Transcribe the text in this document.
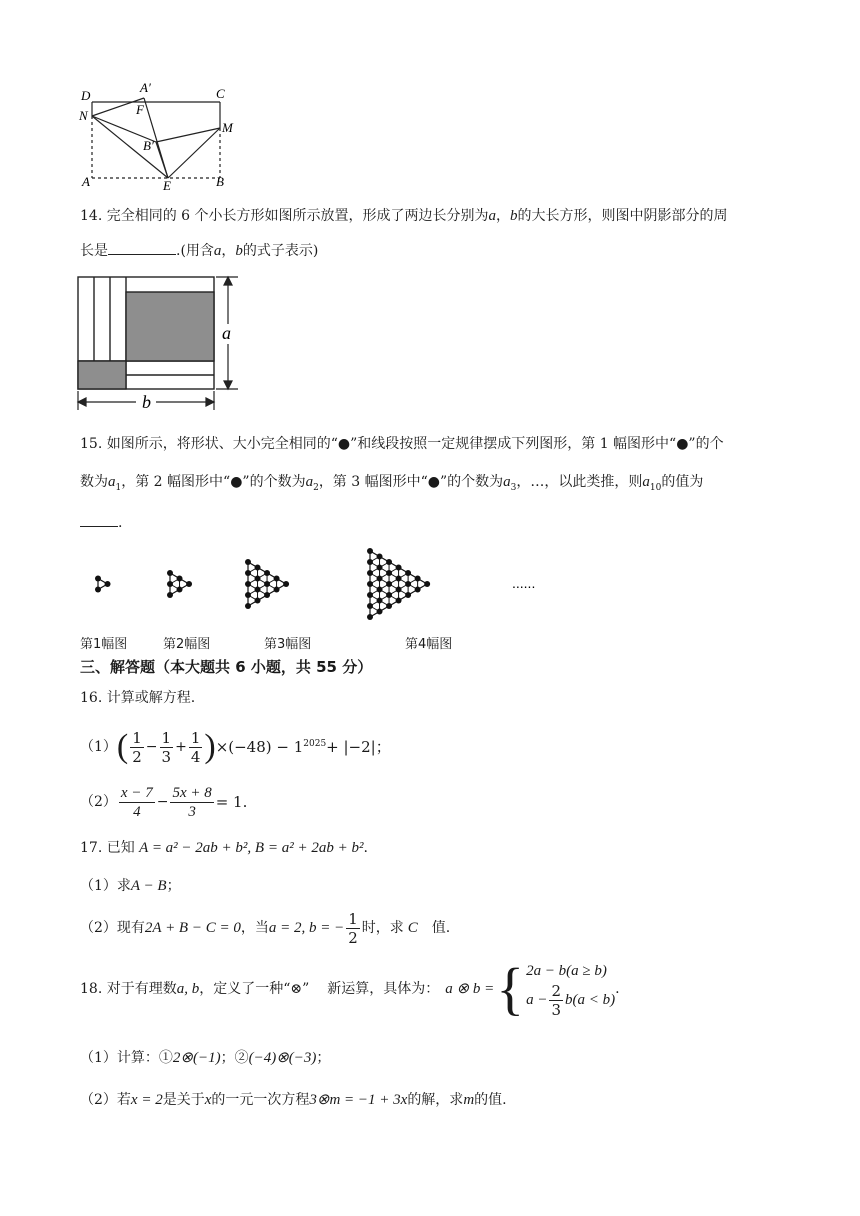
D
A′	C
N	F
M
B′
A	E	B
14. 完全相同的 6 个小长方形如图所示放置，形成了两边长分别为a，b的大长方形，则图中阴影部分的周
长是	.(用含a，b的式子表示)
a
b
15. 如图所示，将形状、大小完全相同的“●”和线段按照一定规律摆成下列图形，第 1 幅图形中“●”的个
数为$a_1$，第 2 幅图形中“●”的个数为$a_2$，第 3 幅图形中“●”的个数为$a_3$，…，以此类推，则$a_{10}$的值为
.
......
第1幅图	第2幅图	第3幅图	第4幅图
三、解答题（本大题共 6 小题，共 55 分）
16. 计算或解方程.
（1） ( $\frac{1}{2} - \frac{1}{3} + \frac{1}{4}$ ) $\times(-48) - 1^{2025} + |-2|$；
$(2) \frac{x - 7}{4} - \frac{5x + 8}{3} = 1$.
17. 已知 A = a² − 2ab + b², B = a² + 2ab + b².
（1）求A − B；
（2）现有 2A + B − C = 0 ，当 a = 2, b = − $\frac{1}{2}$ 时，求 C 值.
18. 对于有理数 a, b ，定义了一种“⊗” 新运算，具体为： a ⊗ b = { 2a − b(a ≥ b)
$a - \frac{2}{3} b(a < b)$
.
（1）计算：①2⊗(−1)；②(−4)⊗(−3)；
（2）若x = 2是关于x的一元一次方程3⊗m = −1 + 3x的解，求m的值.
